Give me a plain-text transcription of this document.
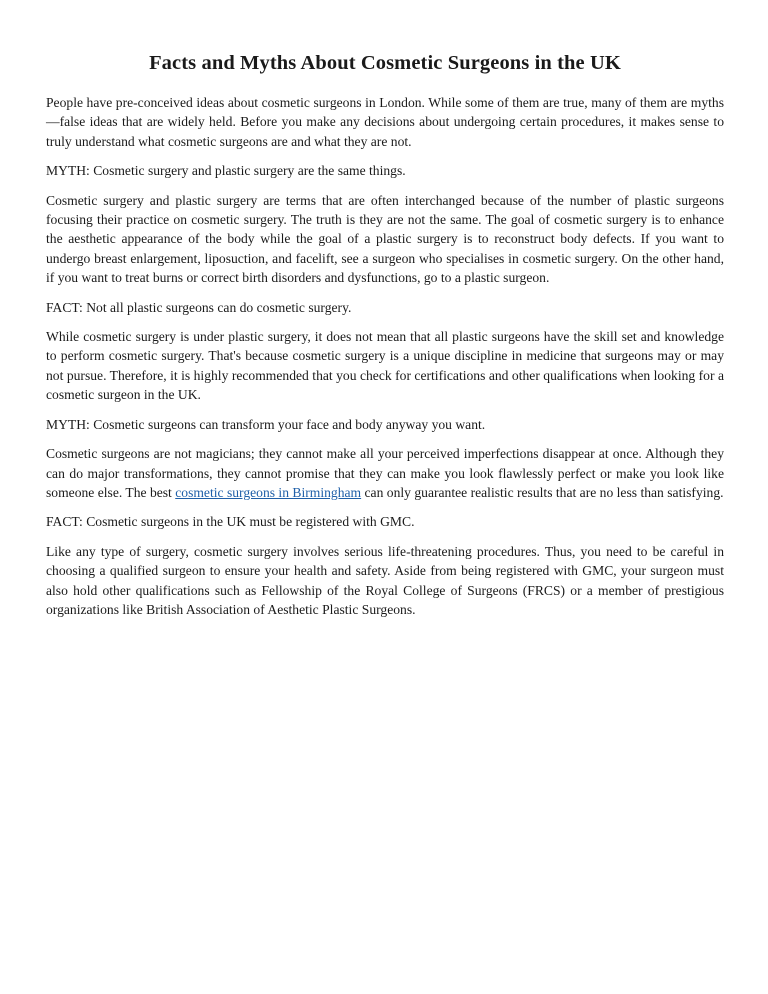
Facts and Myths About Cosmetic Surgeons in the UK

People have pre-conceived ideas about cosmetic surgeons in London. While some of them are true, many of them are myths—false ideas that are widely held. Before you make any decisions about undergoing certain procedures, it makes sense to truly understand what cosmetic surgeons are and what they are not.

MYTH: Cosmetic surgery and plastic surgery are the same things.

Cosmetic surgery and plastic surgery are terms that are often interchanged because of the number of plastic surgeons focusing their practice on cosmetic surgery. The truth is they are not the same. The goal of cosmetic surgery is to enhance the aesthetic appearance of the body while the goal of a plastic surgery is to reconstruct body defects. If you want to undergo breast enlargement, liposuction, and facelift, see a surgeon who specialises in cosmetic surgery. On the other hand, if you want to treat burns or correct birth disorders and dysfunctions, go to a plastic surgeon.

FACT: Not all plastic surgeons can do cosmetic surgery.

While cosmetic surgery is under plastic surgery, it does not mean that all plastic surgeons have the skill set and knowledge to perform cosmetic surgery. That's because cosmetic surgery is a unique discipline in medicine that surgeons may or may not pursue. Therefore, it is highly recommended that you check for certifications and other qualifications when looking for a cosmetic surgeon in the UK.

MYTH: Cosmetic surgeons can transform your face and body anyway you want.

Cosmetic surgeons are not magicians; they cannot make all your perceived imperfections disappear at once. Although they can do major transformations, they cannot promise that they can make you look flawlessly perfect or make you look like someone else. The best cosmetic surgeons in Birmingham can only guarantee realistic results that are no less than satisfying.

FACT: Cosmetic surgeons in the UK must be registered with GMC.

Like any type of surgery, cosmetic surgery involves serious life-threatening procedures. Thus, you need to be careful in choosing a qualified surgeon to ensure your health and safety. Aside from being registered with GMC, your surgeon must also hold other qualifications such as Fellowship of the Royal College of Surgeons (FRCS) or a member of prestigious organizations like British Association of Aesthetic Plastic Surgeons.
